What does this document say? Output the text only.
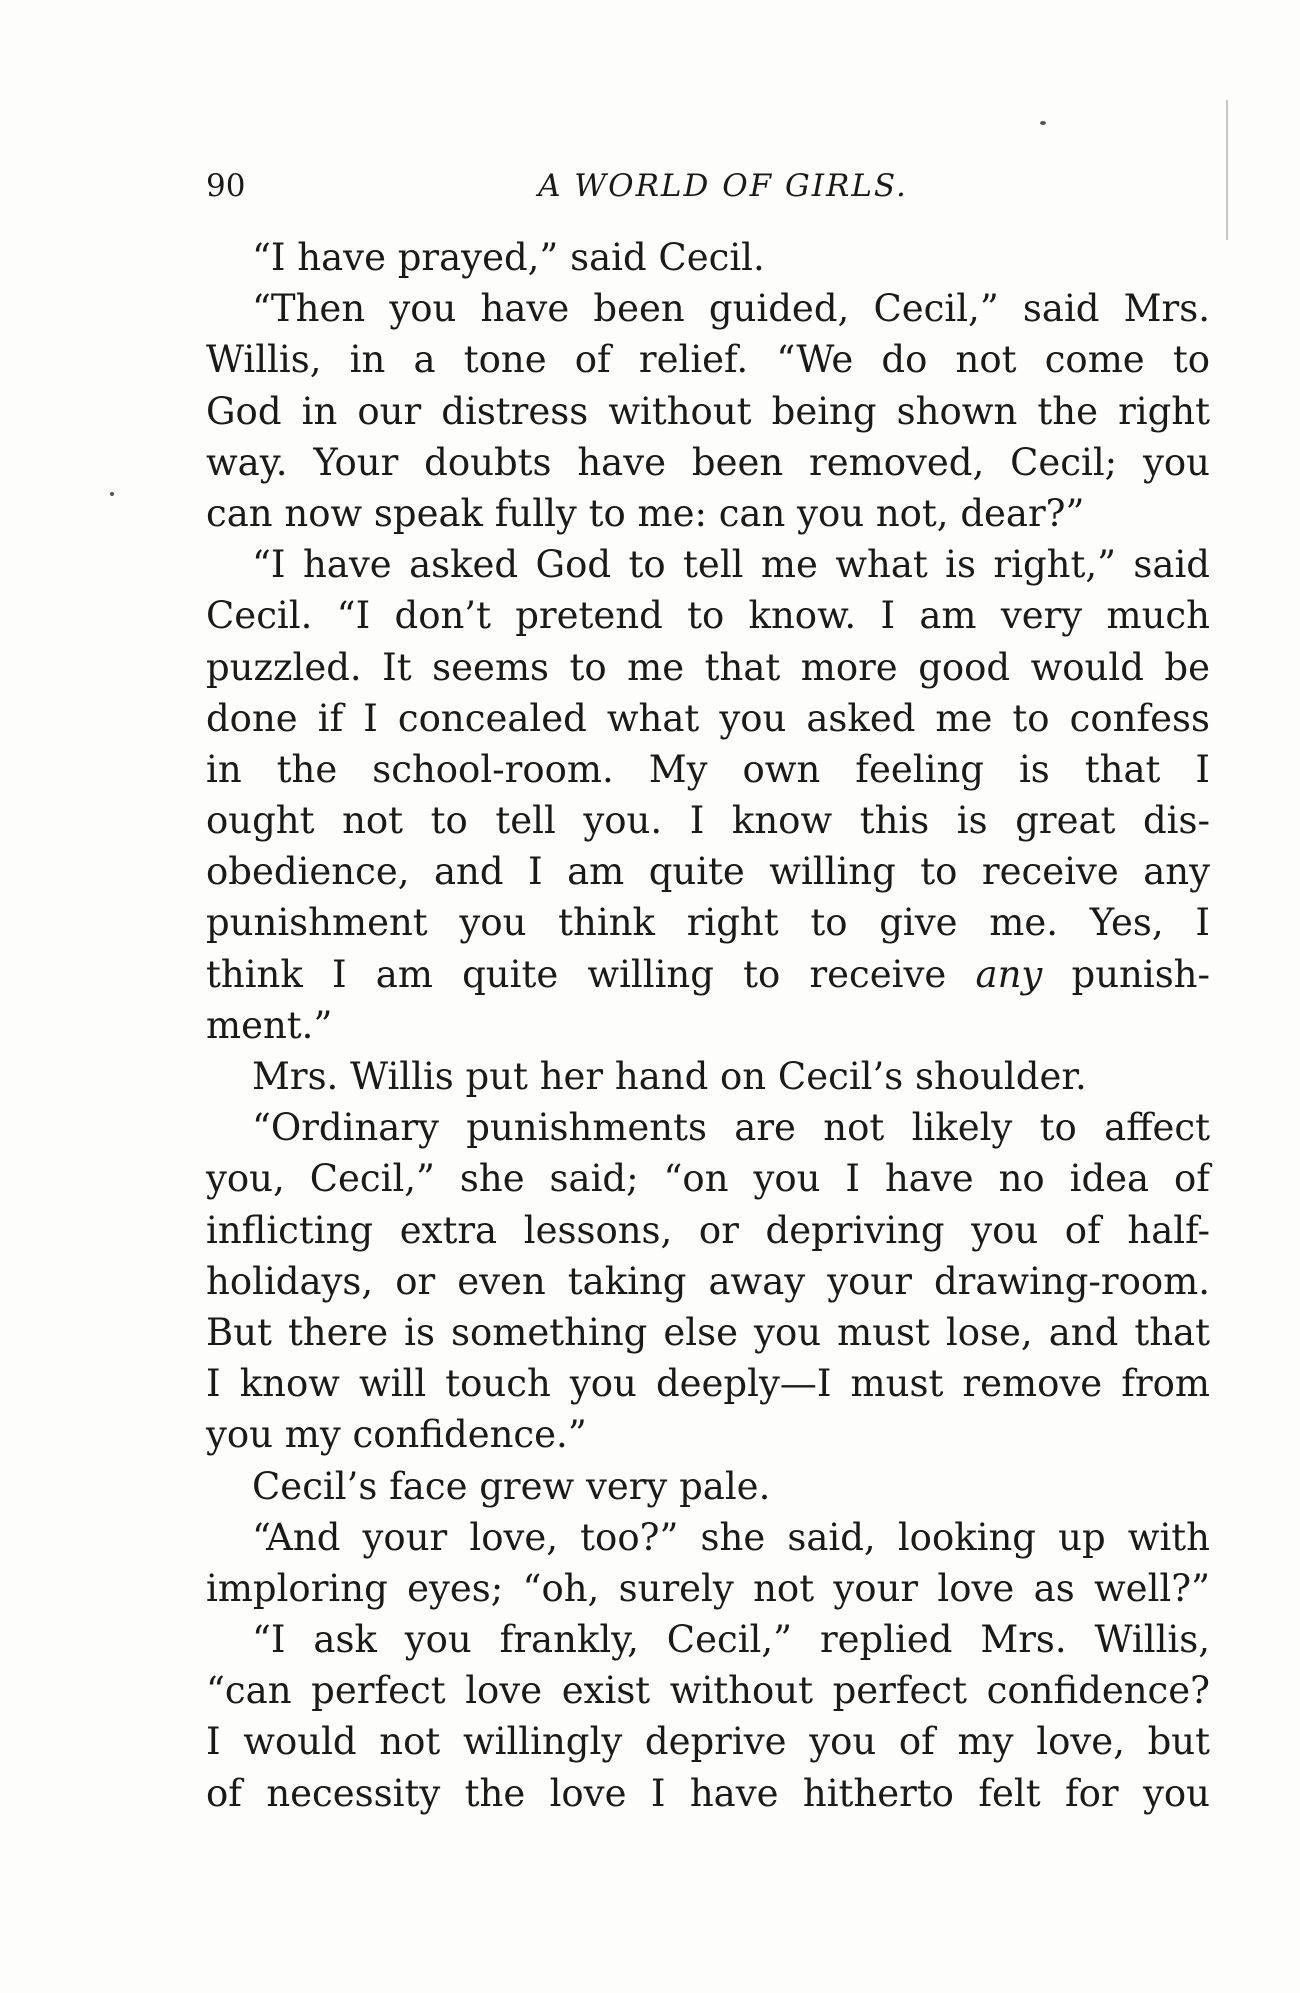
90	A WORLD OF GIRLS.
“I have prayed,” said Cecil.
“Then you have been guided, Cecil,” said Mrs.
Willis, in a tone of relief. “We do not come to
God in our distress without being shown the right
way. Your doubts have been removed, Cecil; you
can now speak fully to me: can you not, dear?”
“I have asked God to tell me what is right,” said
Cecil. “I don’t pretend to know. I am very much
puzzled. It seems to me that more good would be
done if I concealed what you asked me to confess
in the school-room. My own feeling is that I
ought not to tell you. I know this is great dis-
obedience, and I am quite willing to receive any
punishment you think right to give me. Yes, I
think I am quite willing to receive any punish-
ment.”
Mrs. Willis put her hand on Cecil’s shoulder.
“Ordinary punishments are not likely to affect
you, Cecil,” she said; “on you I have no idea of
inflicting extra lessons, or depriving you of half-
holidays, or even taking away your drawing-room.
But there is something else you must lose, and that
I know will touch you deeply—I must remove from
you my confidence.”
Cecil’s face grew very pale.
“And your love, too?” she said, looking up with
imploring eyes; “oh, surely not your love as well?”
“I ask you frankly, Cecil,” replied Mrs. Willis,
“can perfect love exist without perfect confidence?
I would not willingly deprive you of my love, but
of necessity the love I have hitherto felt for you
